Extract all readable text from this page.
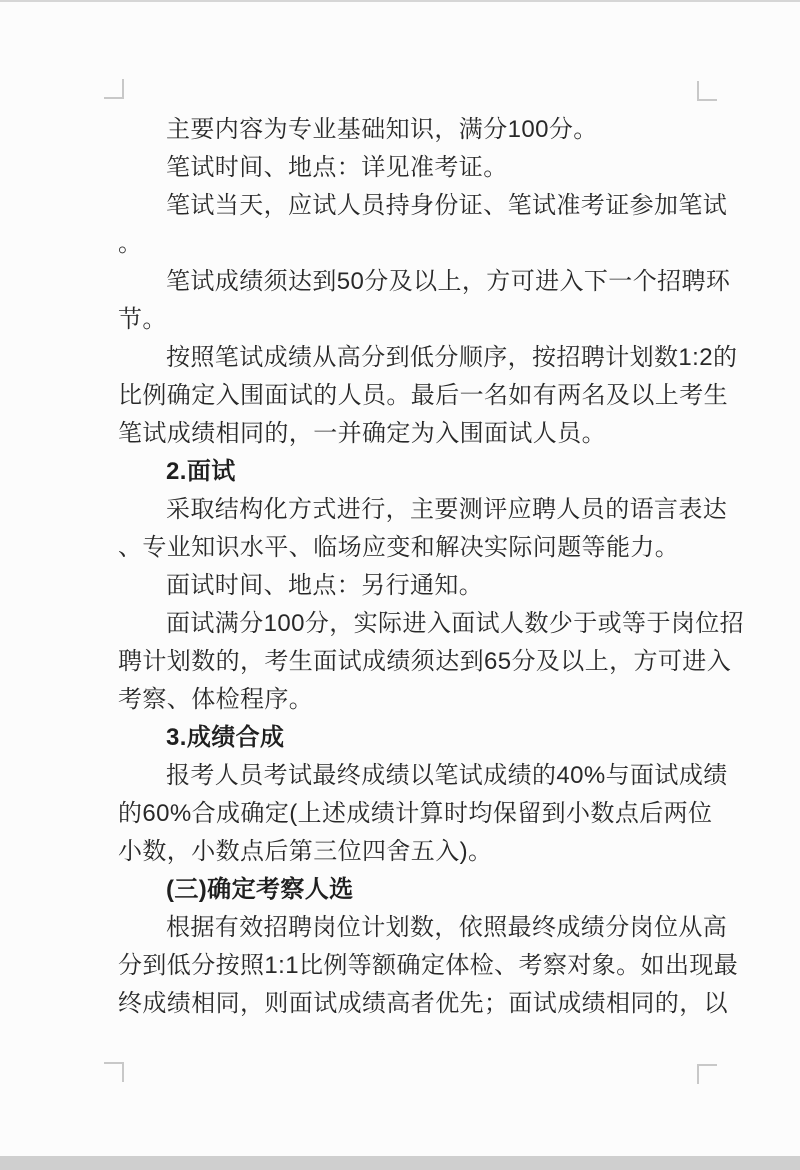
主要内容为专业基础知识，满分100分。
笔试时间、地点：详见准考证。
笔试当天，应试人员持身份证、笔试准考证参加笔试
。
笔试成绩须达到50分及以上，方可进入下一个招聘环
节。
按照笔试成绩从高分到低分顺序，按招聘计划数1:2的
比例确定入围面试的人员。最后一名如有两名及以上考生
笔试成绩相同的，一并确定为入围面试人员。
2.面试
采取结构化方式进行，主要测评应聘人员的语言表达
、专业知识水平、临场应变和解决实际问题等能力。
面试时间、地点：另行通知。
面试满分100分，实际进入面试人数少于或等于岗位招
聘计划数的，考生面试成绩须达到65分及以上，方可进入
考察、体检程序。
3.成绩合成
报考人员考试最终成绩以笔试成绩的40%与面试成绩
的60%合成确定(上述成绩计算时均保留到小数点后两位
小数，小数点后第三位四舍五入)。
(三)确定考察人选
根据有效招聘岗位计划数，依照最终成绩分岗位从高
分到低分按照1:1比例等额确定体检、考察对象。如出现最
终成绩相同，则面试成绩高者优先；面试成绩相同的，以
